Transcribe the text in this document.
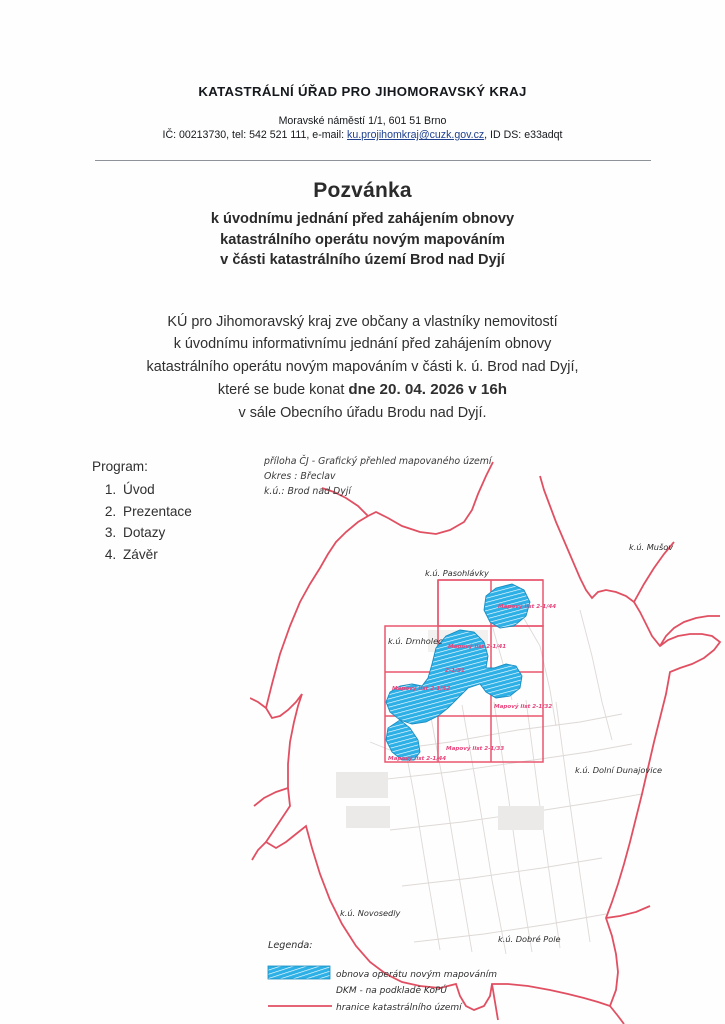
KATASTRÁLNÍ ÚŘAD PRO JIHOMORAVSKÝ KRAJ
Moravské náměstí 1/1, 601 51 Brno
IČ: 00213730, tel: 542 521 111, e-mail: ku.projihomkraj@cuzk.gov.cz, ID DS: e33adqt
Pozvánka
k úvodnímu jednání před zahájením obnovy
katastrálního operátu novým mapováním
v části katastrálního území Brod nad Dyjí
KÚ pro Jihomoravský kraj zve občany a vlastníky nemovitostí
k úvodnímu informativnímu jednání před zahájením obnovy
katastrálního operátu novým mapováním v části k. ú. Brod nad Dyjí,
které se bude konat dne 20. 04. 2026 v 16h
v sále Obecního úřadu Brodu nad Dyjí.
Program:
1. Úvod
2. Prezentace
3. Dotazy
4. Závěr
příloha ČJ - Grafický přehled mapovaného území
Okres : Břeclav
k.ú.: Brod nad Dyjí
k.ú. Mušov
k.ú. Pasohlávky
k.ú. Drnholec
k.ú. Dolní Dunajovice
k.ú. Novosedly
k.ú. Dobré Pole
Mapový list 2-1/41
Mapový list 2-1/44
2-1/31
Mapový list 2-1/42
Mapový list 2-1/32
Mapový list 2-1/33
Mapový list 2-1/44
Legenda:
obnova operátu novým mapováním
DKM - na podkladě KoPÚ
hranice katastrálního území
